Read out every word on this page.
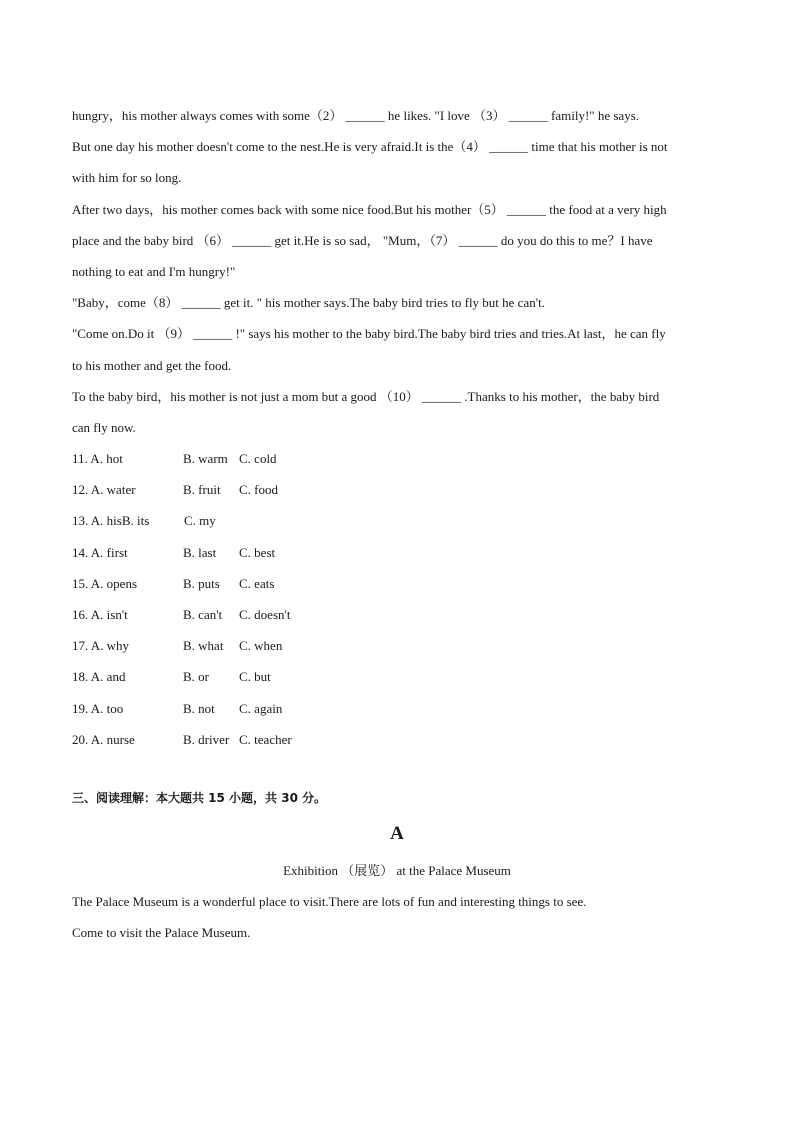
hungry，his mother always comes with some（2） ______ he likes. "I love （3） ______ family!" he says.
But one day his mother doesn't come to the nest.He is very afraid.It is the（4） ______ time that his mother is not
with him for so long.
After two days，his mother comes back with some nice food.But his mother（5） ______ the food at a very high
place and the baby bird （6） ______ get it.He is so sad， "Mum，（7） ______ do you do this to me？I have
nothing to eat and I'm hungry!"
"Baby，come（8） ______ get it. " his mother says.The baby bird tries to fly but he can't.
"Come on.Do it （9） ______ !" says his mother to the baby bird.The baby bird tries and tries.At last，he can fly
to his mother and get the food.
To the baby bird，his mother is not just a mom but a good （10） ______ .Thanks to his mother，the baby bird
can fly now.
11. A. hot	B. warm C. cold
12. A. water	B. fruit C. food
13. A. hisB. its	C. my
14. A. first	B. last C. best
15. A. opens	B. puts C. eats
16. A. isn't	B. can't C. doesn't
17. A. why	B. what C. when
18. A. and	B. or C. but
19. A. too	B. not C. again
20. A. nurse	B. driver C. teacher
三、阅读理解：本大题共 15 小题，共 30 分。
A
Exhibition （展览） at the Palace Museum
The Palace Museum is a wonderful place to visit.There are lots of fun and interesting things to see.
Come to visit the Palace Museum.
